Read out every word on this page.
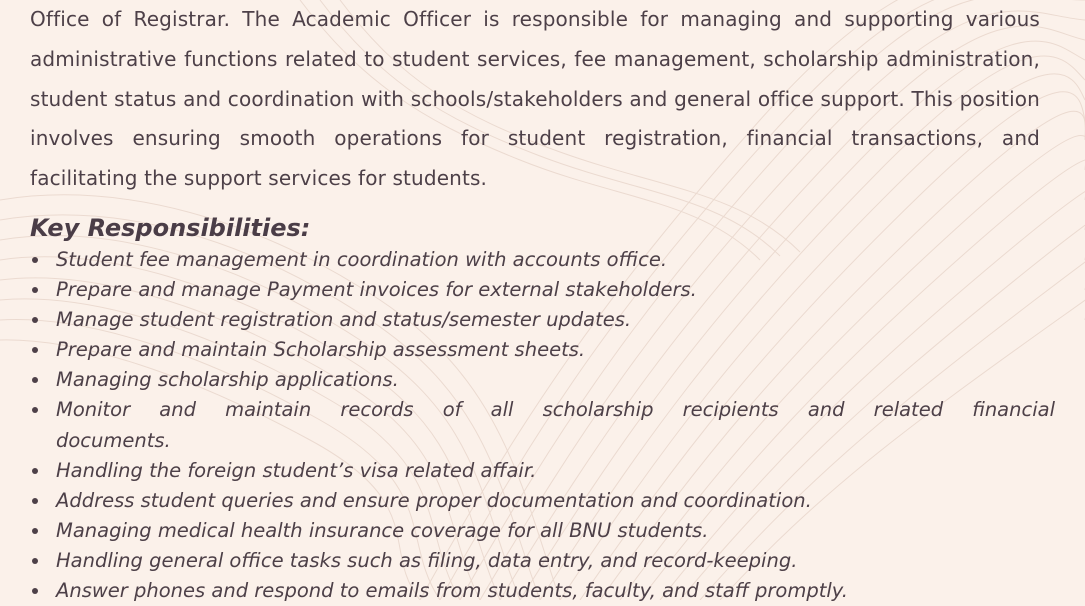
Office of Registrar. The Academic Officer is responsible for managing and supporting various administrative functions related to student services, fee management, scholarship administration, student status and coordination with schools/stakeholders and general office support. This position involves ensuring smooth operations for student registration, financial transactions, and facilitating the support services for students.

Key Responsibilities:
Student fee management in coordination with accounts office.
Prepare and manage Payment invoices for external stakeholders.
Manage student registration and status/semester updates.
Prepare and maintain Scholarship assessment sheets.
Managing scholarship applications.
Monitor and maintain records of all scholarship recipients and related financial documents.
Handling the foreign student’s visa related affair.
Address student queries and ensure proper documentation and coordination.
Managing medical health insurance coverage for all BNU students.
Handling general office tasks such as filing, data entry, and record-keeping.
Answer phones and respond to emails from students, faculty, and staff promptly.
